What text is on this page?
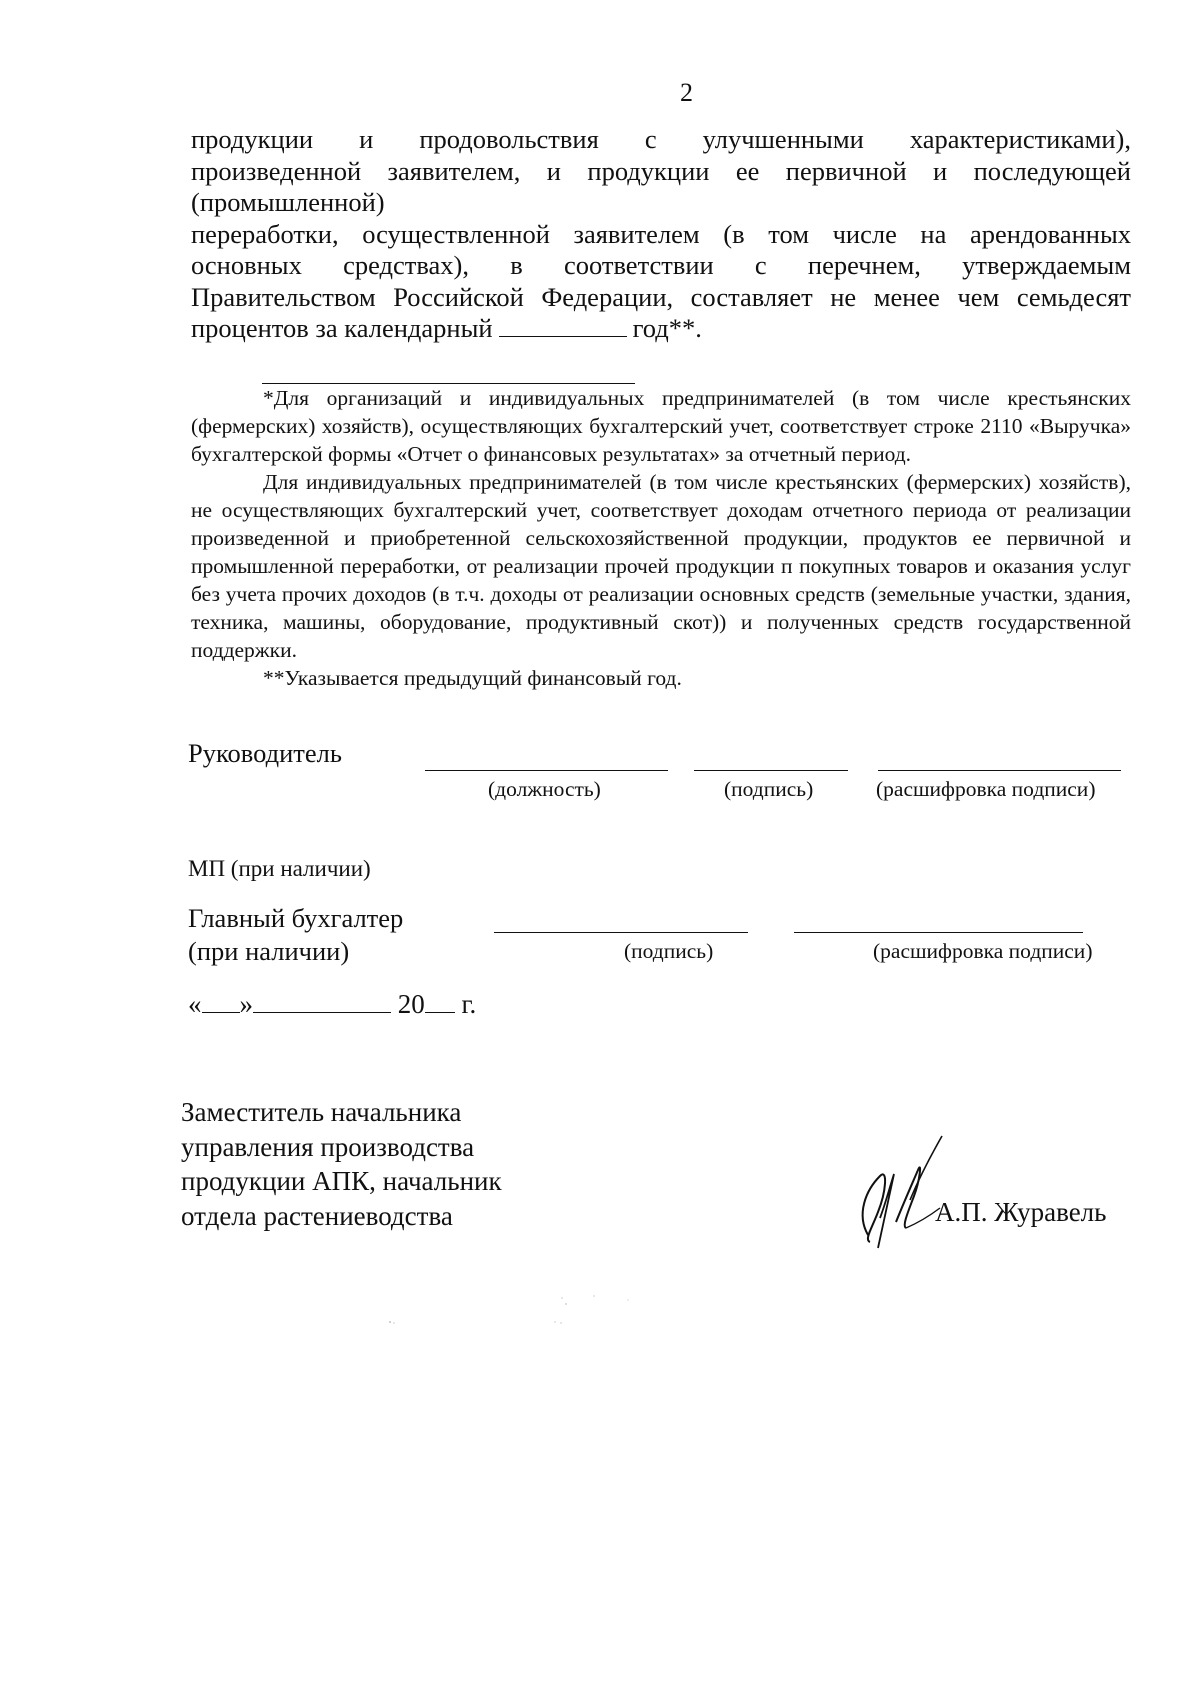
2

продукции и продовольствия с улучшенными характеристиками),

произведенной заявителем, и продукции ее первичной и последующей

(промышленной)

переработки, осуществленной заявителем (в том числе на арендованных

основных средствах), в соответствии с перечнем, утверждаемым

Правительством Российской Федерации, составляет не менее чем семьдесят

процентов за календарный	год**.

*Для организаций и индивидуальных предпринимателей (в том числе крестьянских (фермерских) хозяйств), осуществляющих бухгалтерский учет, соответствует строке 2110 «Выручка» бухгалтерской формы «Отчет о финансовых результатах» за отчетный период.

Для индивидуальных предпринимателей (в том числе крестьянских (фермерских) хозяйств), не осуществляющих бухгалтерский учет, соответствует доходам отчетного периода от реализации произведенной и приобретенной сельскохозяйственной продукции, продуктов ее первичной и промышленной переработки, от реализации прочей продукции п покупных товаров и оказания услуг без учета прочих доходов (в т.ч. доходы от реализации основных средств (земельные участки, здания, техника, машины, оборудование, продуктивный скот)) и полученных средств государственной поддержки.

**Указывается предыдущий финансовый год.

Руководитель
(должность)	(подпись)	(расшифровка подписи)
МП (при наличии)
Главный бухгалтер
(при наличии)	(подпись)	(расшифровка подписи)
« »	20 г.
Заместитель начальника
управления производства
продукции АПК, начальник
отдела растениеводства	А.П. Журавель
